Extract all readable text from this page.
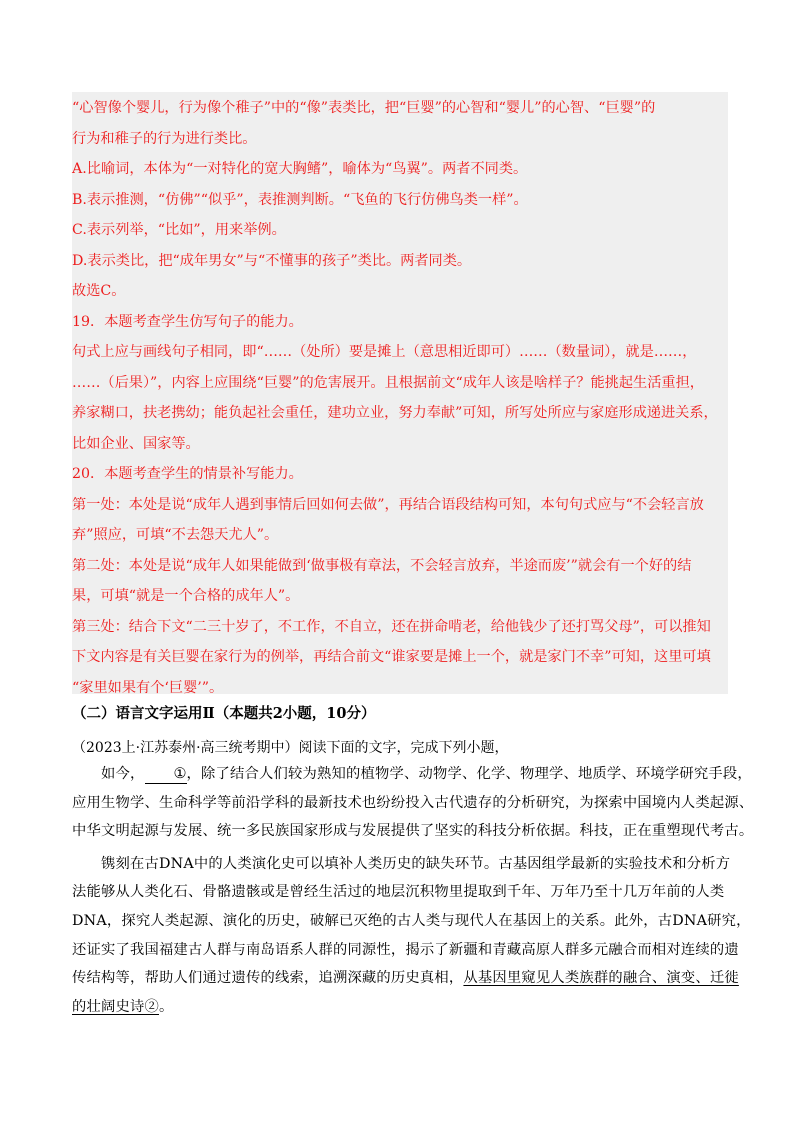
“心智像个婴儿，行为像个稚子”中的“像”表类比，把“巨婴”的心智和“婴儿”的心智、“巨婴”的

行为和稚子的行为进行类比。

A.比喻词，本体为“一对特化的宽大胸鳍”，喻体为“鸟翼”。两者不同类。

B.表示推测，“仿佛”“似乎”，表推测判断。“飞鱼的飞行仿佛鸟类一样”。

C.表示列举，“比如”，用来举例。

D.表示类比，把“成年男女”与“不懂事的孩子”类比。两者同类。

故选C。

19．本题考查学生仿写句子的能力。

句式上应与画线句子相同，即“……（处所）要是摊上（意思相近即可）……（数量词），就是……，

……（后果）”，内容上应围绕“巨婴”的危害展开。且根据前文“成年人该是啥样子？能挑起生活重担，

养家糊口，扶老携幼；能负起社会重任，建功立业，努力奉献”可知，所写处所应与家庭形成递进关系，

比如企业、国家等。

20．本题考查学生的情景补写能力。

第一处：本处是说“成年人遇到事情后回如何去做”，再结合语段结构可知，本句句式应与“不会轻言放

弃”照应，可填“不去怨天尤人”。

第二处：本处是说“成年人如果能做到‘做事极有章法，不会轻言放弃，半途而废’”就会有一个好的结

果，可填“就是一个合格的成年人”。

第三处：结合下文“二三十岁了，不工作，不自立，还在拼命啃老，给他钱少了还打骂父母”，可以推知

下文内容是有关巨婴在家行为的例举，再结合前文“谁家要是摊上一个，就是家门不幸”可知，这里可填

“家里如果有个‘巨婴’”。

（二）语言文字运用Ⅱ（本题共2小题，10分）

（2023上·江苏泰州·高三统考期中）阅读下面的文字，完成下列小题，

如今， ①，除了结合人们较为熟知的植物学、动物学、化学、物理学、地质学、环境学研究手段，

应用生物学、生命科学等前沿学科的最新技术也纷纷投入古代遗存的分析研究，为探索中国境内人类起源、

中华文明起源与发展、统一多民族国家形成与发展提供了坚实的科技分析依据。科技，正在重塑现代考古。

镌刻在古DNA中的人类演化史可以填补人类历史的缺失环节。古基因组学最新的实验技术和分析方

法能够从人类化石、骨骼遗骸或是曾经生活过的地层沉积物里提取到千年、万年乃至十几万年前的人类

DNA，探究人类起源、演化的历史，破解已灭绝的古人类与现代人在基因上的关系。此外，古DNA研究，

还证实了我国福建古人群与南岛语系人群的同源性，揭示了新疆和青藏高原人群多元融合而相对连续的遗

传结构等，帮助人们通过遗传的线索，追溯深藏的历史真相，从基因里窥见人类族群的融合、演变、迁徙

的壮阔史诗②。
